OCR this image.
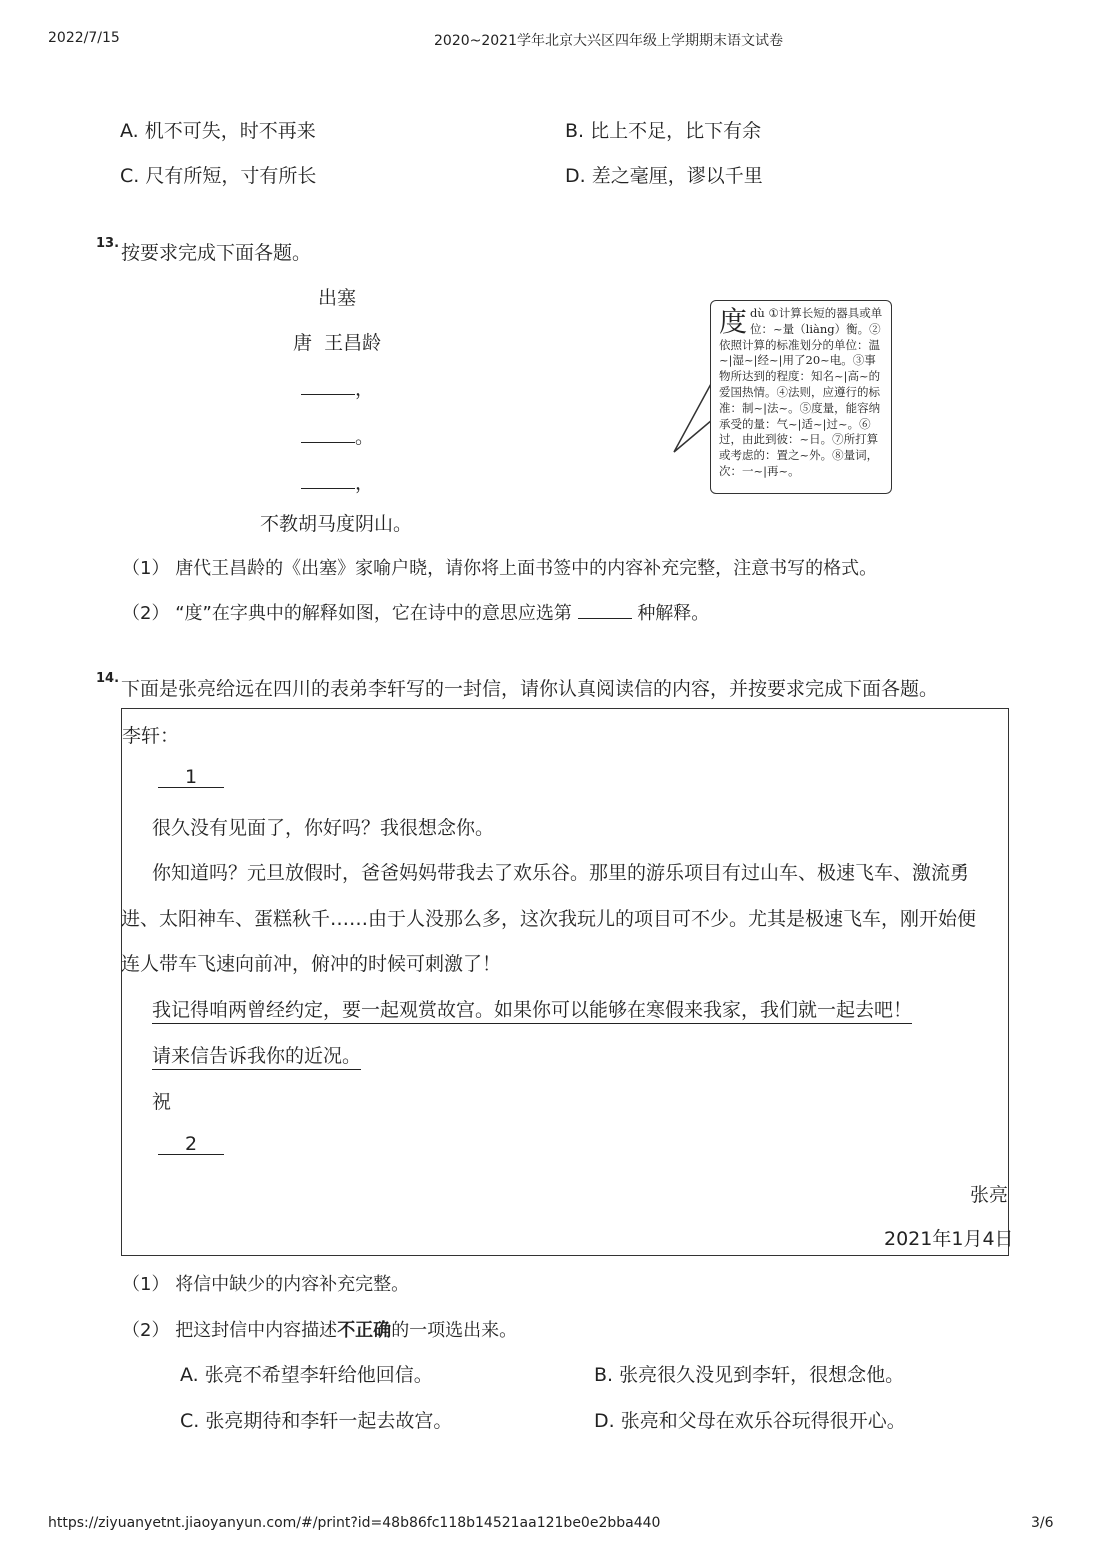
2022/7/15	2020~2021学年北京大兴区四年级上学期期末语文试卷
A. 机不可失，时不再来	B. 比上不足，比下有余
C. 尺有所短，寸有所长	D. 差之毫厘，谬以千里
13. 按要求完成下面各题。
出塞
唐  王昌龄
，
。
，
不教胡马度阴山。
度dù ①计算长短的器具或单位：~量（liàng）衡。②依照计算的标准划分的单位：温~|湿~|经~|用了20~电。③事物所达到的程度：知名~|高~的爱国热情。④法则，应遵行的标准：制~|法~。⑤度量，能容纳承受的量：气~|适~|过~。⑥过，由此到彼：~日。⑦所打算或考虑的：置之~外。⑧量词，次：一~|再~。
（1） 唐代王昌龄的《出塞》家喻户晓，请你将上面书签中的内容补充完整，注意书写的格式。
（2） “度”在字典中的解释如图，它在诗中的意思应选第	种解释。
14. 下面是张亮给远在四川的表弟李轩写的一封信，请你认真阅读信的内容，并按要求完成下面各题。
李轩：
1
很久没有见面了，你好吗？我很想念你。
你知道吗？元旦放假时，爸爸妈妈带我去了欢乐谷。那里的游乐项目有过山车、极速飞车、激流勇
进、太阳神车、蛋糕秋千……由于人没那么多，这次我玩儿的项目可不少。尤其是极速飞车，刚开始便
连人带车飞速向前冲，俯冲的时候可刺激了！
我记得咱两曾经约定，要一起观赏故宫。如果你可以能够在寒假来我家，我们就一起去吧！
请来信告诉我你的近况。
祝
2
张亮
2021年1月4日
（1） 将信中缺少的内容补充完整。
（2） 把这封信中内容描述不正确的一项选出来。
A. 张亮不希望李轩给他回信。	B. 张亮很久没见到李轩，很想念他。
C. 张亮期待和李轩一起去故宫。	D. 张亮和父母在欢乐谷玩得很开心。
https://ziyuanyetnt.jiaoyanyun.com/#/print?id=48b86fc118b14521aa121be0e2bba440	3/6
